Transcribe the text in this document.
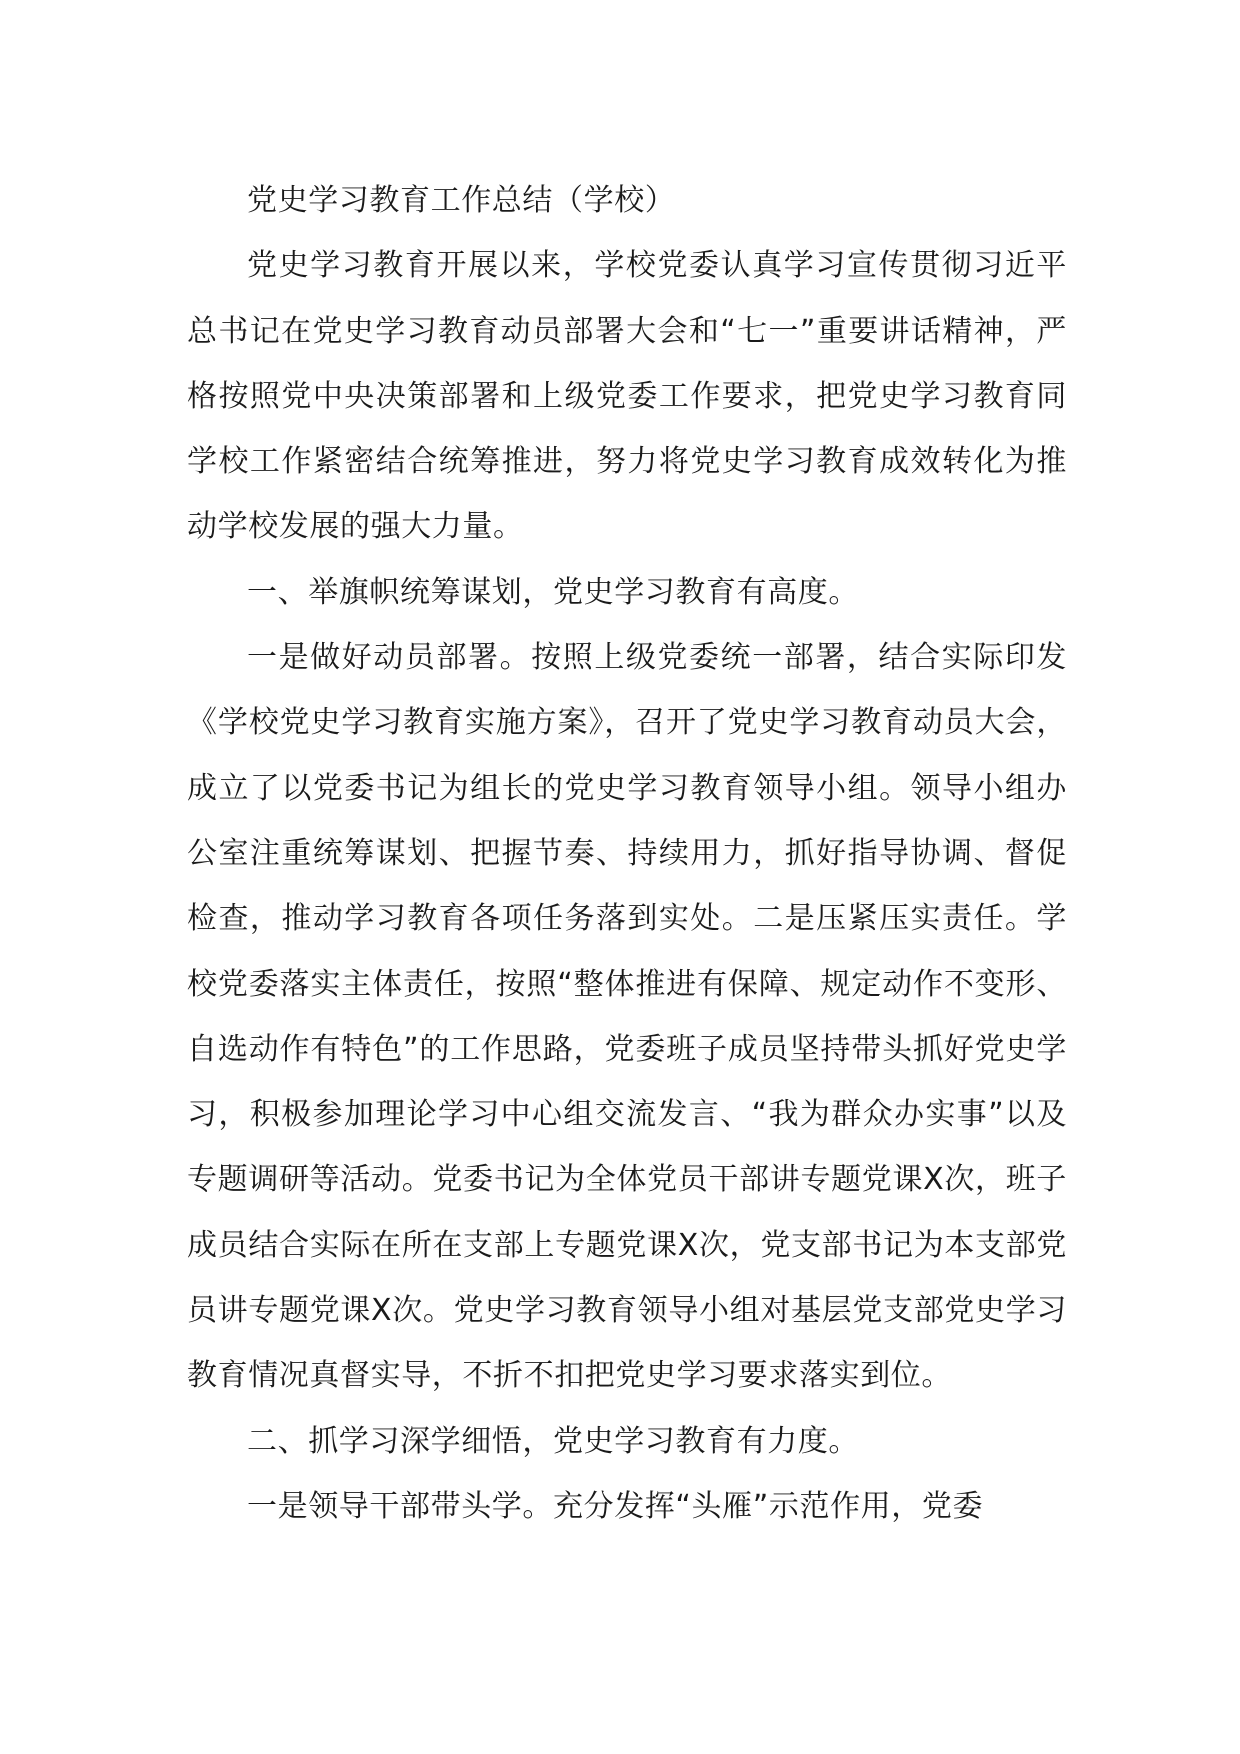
党史学习教育工作总结（学校）

党史学习教育开展以来，学校党委认真学习宣传贯彻习近平总书记在党史学习教育动员部署大会和“七一”重要讲话精神，严格按照党中央决策部署和上级党委工作要求，把党史学习教育同学校工作紧密结合统筹推进，努力将党史学习教育成效转化为推动学校发展的强大力量。

一、举旗帜统筹谋划，党史学习教育有高度。

一是做好动员部署。按照上级党委统一部署，结合实际印发《学校党史学习教育实施方案》，召开了党史学习教育动员大会，成立了以党委书记为组长的党史学习教育领导小组。领导小组办公室注重统筹谋划、把握节奏、持续用力，抓好指导协调、督促检查，推动学习教育各项任务落到实处。二是压紧压实责任。学校党委落实主体责任，按照“整体推进有保障、规定动作不变形、自选动作有特色”的工作思路，党委班子成员坚持带头抓好党史学习，积极参加理论学习中心组交流发言、“我为群众办实事”以及专题调研等活动。党委书记为全体党员干部讲专题党课X次，班子成员结合实际在所在支部上专题党课X次，党支部书记为本支部党员讲专题党课X次。党史学习教育领导小组对基层党支部党史学习教育情况真督实导，不折不扣把党史学习要求落实到位。

二、抓学习深学细悟，党史学习教育有力度。

一是领导干部带头学。充分发挥“头雁”示范作用，党委
